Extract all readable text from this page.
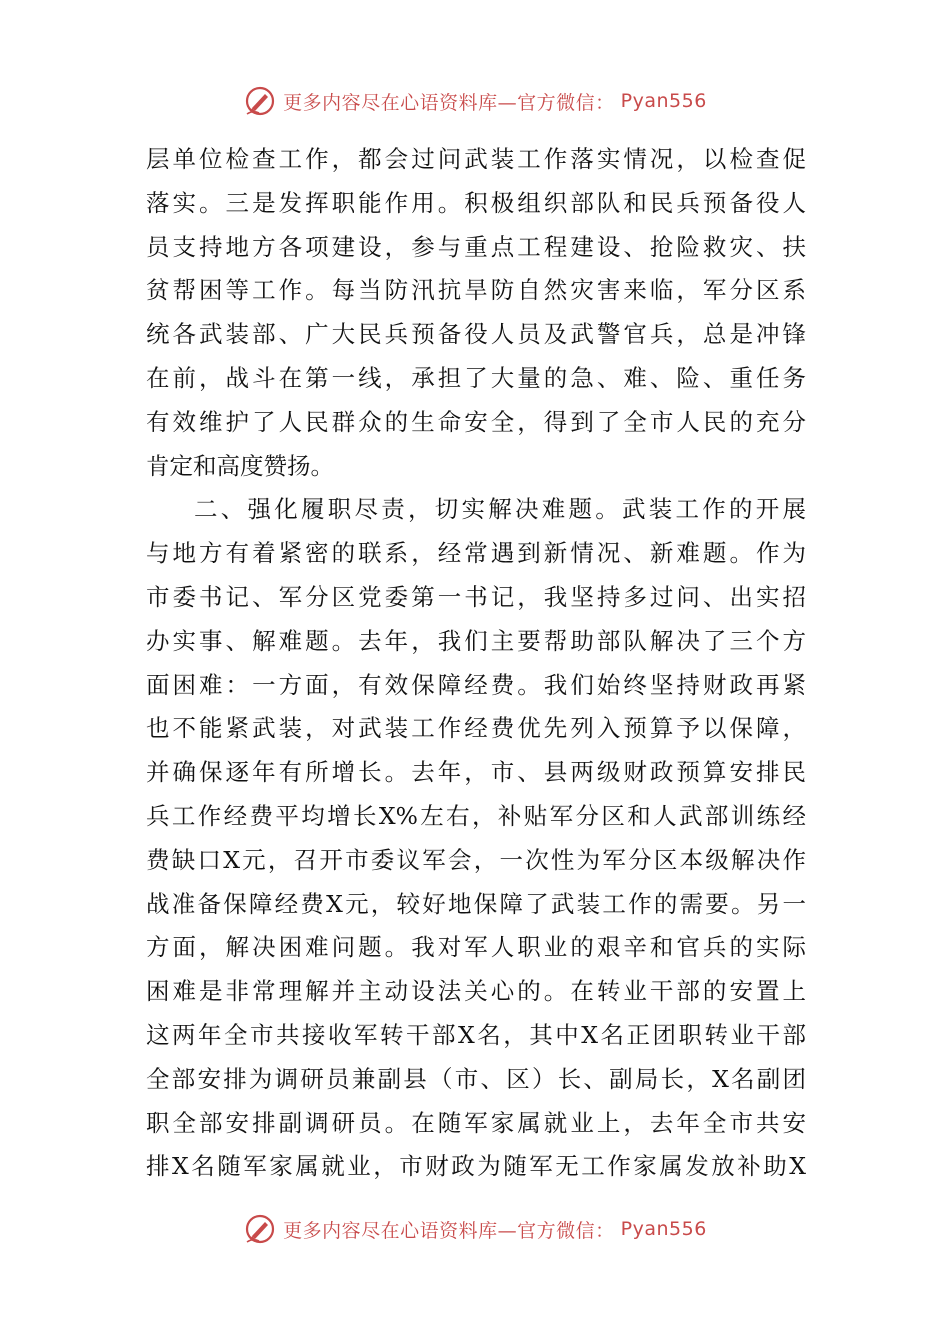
更多内容尽在心语资料库—官方微信： Pyan556
层单位检查工作，都会过问武装工作落实情况，以检查促
落实。三是发挥职能作用。积极组织部队和民兵预备役人
员支持地方各项建设，参与重点工程建设、抢险救灾、扶
贫帮困等工作。每当防汛抗旱防自然灾害来临，军分区系
统各武装部、广大民兵预备役人员及武警官兵，总是冲锋
在前，战斗在第一线，承担了大量的急、难、险、重任务
有效维护了人民群众的生命安全，得到了全市人民的充分
肯定和高度赞扬。
二、强化履职尽责，切实解决难题。武装工作的开展
与地方有着紧密的联系，经常遇到新情况、新难题。作为
市委书记、军分区党委第一书记，我坚持多过问、出实招
办实事、解难题。去年，我们主要帮助部队解决了三个方
面困难：一方面，有效保障经费。我们始终坚持财政再紧
也不能紧武装，对武装工作经费优先列入预算予以保障，
并确保逐年有所增长。去年，市、县两级财政预算安排民
兵工作经费平均增长X%左右，补贴军分区和人武部训练经
费缺口X元，召开市委议军会，一次性为军分区本级解决作
战准备保障经费X元，较好地保障了武装工作的需要。另一
方面，解决困难问题。我对军人职业的艰辛和官兵的实际
困难是非常理解并主动设法关心的。在转业干部的安置上
这两年全市共接收军转干部X名，其中X名正团职转业干部
全部安排为调研员兼副县（市、区）长、副局长，X名副团
职全部安排副调研员。在随军家属就业上，去年全市共安
排X名随军家属就业，市财政为随军无工作家属发放补助X
更多内容尽在心语资料库—官方微信： Pyan556
